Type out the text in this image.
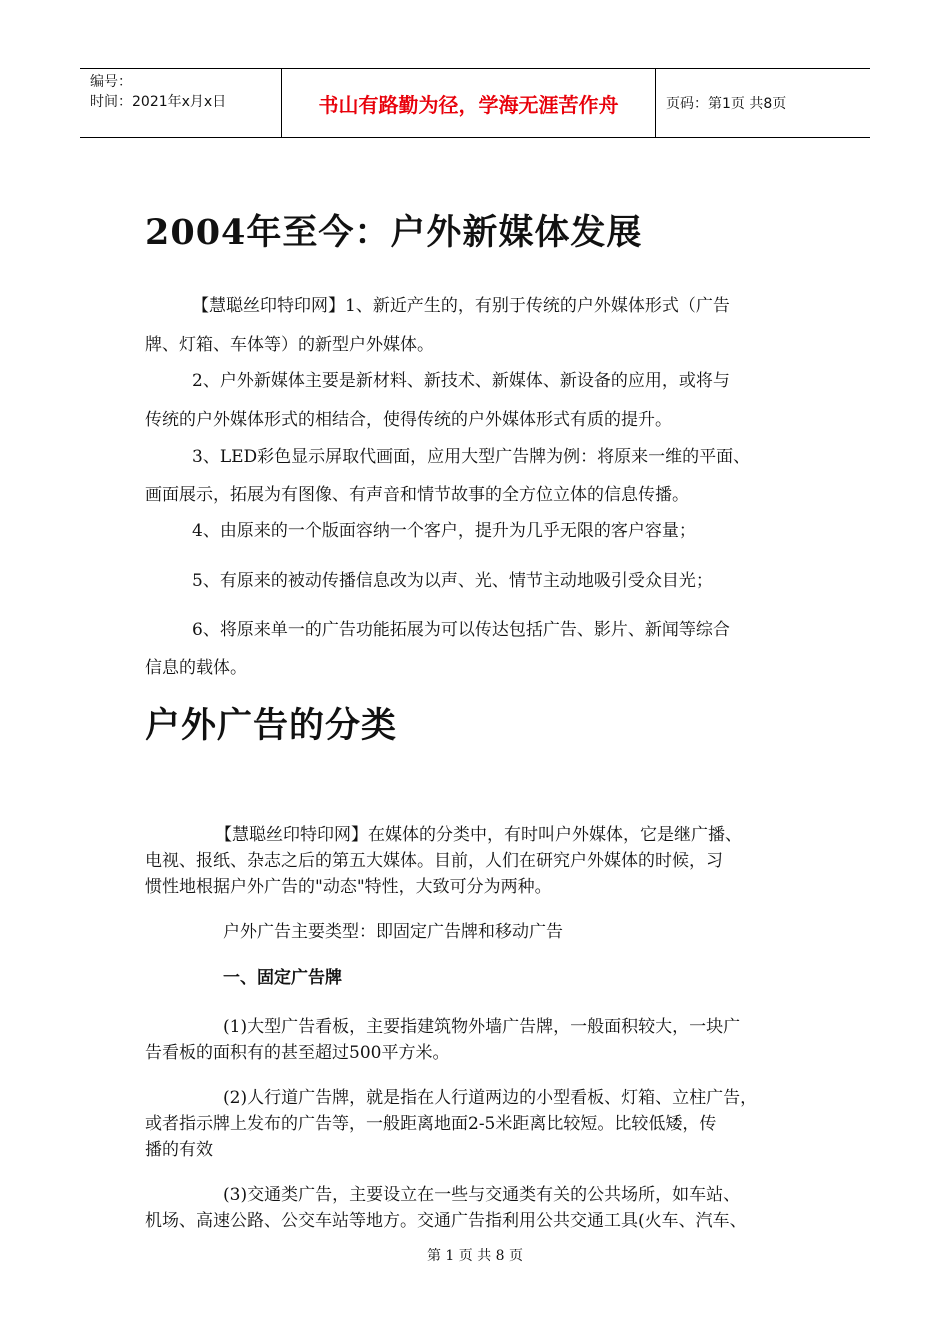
编号：
时间：2021年x月x日	书山有路勤为径，学海无涯苦作舟	页码：第1页 共8页
2004年至今：户外新媒体发展
【慧聪丝印特印网】1、新近产生的，有别于传统的户外媒体形式（广告
牌、灯箱、车体等）的新型户外媒体。
2、户外新媒体主要是新材料、新技术、新媒体、新设备的应用，或将与
传统的户外媒体形式的相结合，使得传统的户外媒体形式有质的提升。
3、LED彩色显示屏取代画面，应用大型广告牌为例：将原来一维的平面、
画面展示，拓展为有图像、有声音和情节故事的全方位立体的信息传播。
4、由原来的一个版面容纳一个客户，提升为几乎无限的客户容量；
5、有原来的被动传播信息改为以声、光、情节主动地吸引受众目光；
6、将原来单一的广告功能拓展为可以传达包括广告、影片、新闻等综合
信息的载体。
户外广告的分类
【慧聪丝印特印网】在媒体的分类中，有时叫户外媒体，它是继广播、
电视、报纸、杂志之后的第五大媒体。目前，人们在研究户外媒体的时候，习
惯性地根据户外广告的"动态"特性，大致可分为两种。
户外广告主要类型：即固定广告牌和移动广告
一、固定广告牌
(1)大型广告看板，主要指建筑物外墙广告牌，一般面积较大，一块广
告看板的面积有的甚至超过500平方米。
(2)人行道广告牌，就是指在人行道两边的小型看板、灯箱、立柱广告，
或者指示牌上发布的广告等，一般距离地面2-5米距离比较短。比较低矮，传
播的有效
(3)交通类广告，主要设立在一些与交通类有关的公共场所，如车站、
机场、高速公路、公交车站等地方。交通广告指利用公共交通工具(火车、汽车、
第 1 页 共 8 页
